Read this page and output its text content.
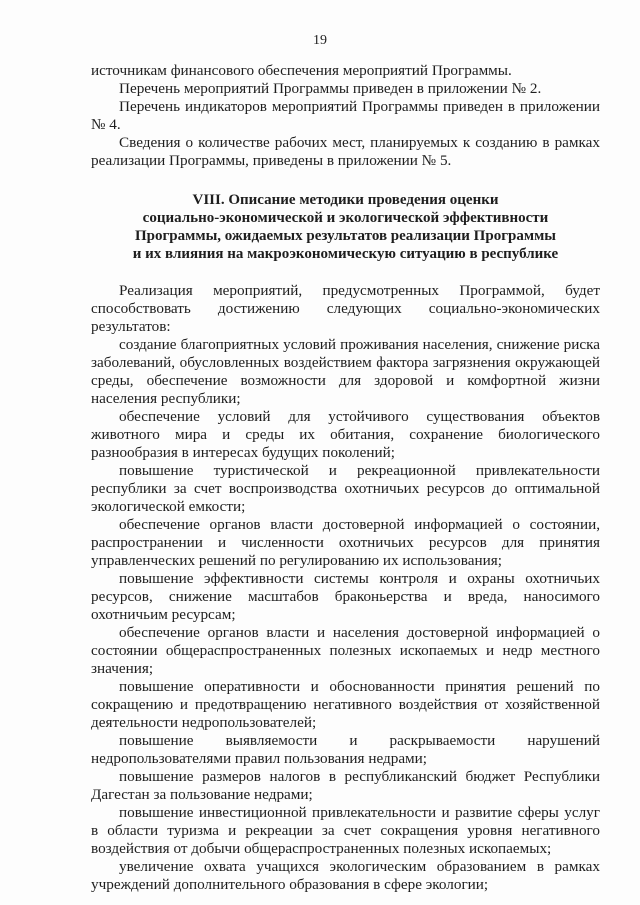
19

источникам финансового обеспечения мероприятий Программы.

Перечень мероприятий Программы приведен в приложении № 2.

Перечень индикаторов мероприятий Программы приведен в приложении № 4.

Сведения о количестве рабочих мест, планируемых к созданию в рамках реализации Программы, приведены в приложении № 5.

VIII. Описание методики проведения оценки
социально-экономической и экологической эффективности
Программы, ожидаемых результатов реализации Программы
и их влияния на макроэкономическую ситуацию в республике

Реализация мероприятий, предусмотренных Программой, будет способствовать достижению следующих социально-экономических результатов:

создание благоприятных условий проживания населения, снижение риска заболеваний, обусловленных воздействием фактора загрязнения окружающей среды, обеспечение возможности для здоровой и комфортной жизни населения республики;

обеспечение условий для устойчивого существования объектов животного мира и среды их обитания, сохранение биологического разнообразия в интересах будущих поколений;

повышение туристической и рекреационной привлекательности республики за счет воспроизводства охотничьих ресурсов до оптимальной экологической емкости;

обеспечение органов власти достоверной информацией о состоянии, распространении и численности охотничьих ресурсов для принятия управленческих решений по регулированию их использования;

повышение эффективности системы контроля и охраны охотничьих ресурсов, снижение масштабов браконьерства и вреда, наносимого охотничьим ресурсам;

обеспечение органов власти и населения достоверной информацией о состоянии общераспространенных полезных ископаемых и недр местного значения;

повышение оперативности и обоснованности принятия решений по сокращению и предотвращению негативного воздействия от хозяйственной деятельности недропользователей;

повышение выявляемости и раскрываемости нарушений недропользователями правил пользования недрами;

повышение размеров налогов в республиканский бюджет Республики Дагестан за пользование недрами;

повышение инвестиционной привлекательности и развитие сферы услуг в области туризма и рекреации за счет сокращения уровня негативного воздействия от добычи общераспространенных полезных ископаемых;

увеличение охвата учащихся экологическим образованием в рамках учреждений дополнительного образования в сфере экологии;
